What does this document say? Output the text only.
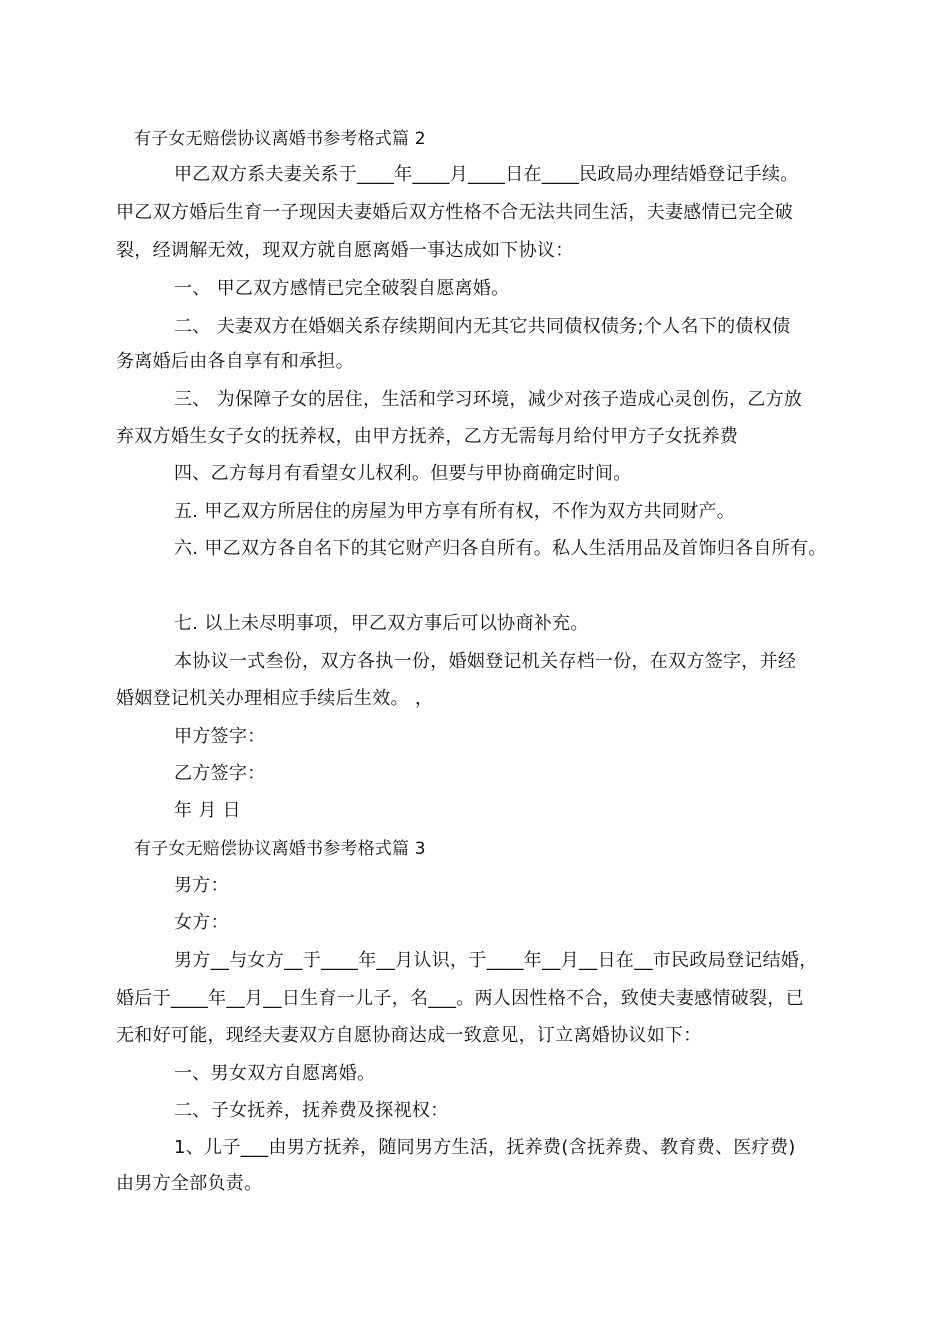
有子女无赔偿协议离婚书参考格式篇 2

甲乙双方系夫妻关系于____年____月____日在____民政局办理结婚登记手续。

甲乙双方婚后生育一子现因夫妻婚后双方性格不合无法共同生活，夫妻感情已完全破

裂，经调解无效，现双方就自愿离婚一事达成如下协议：

一、 甲乙双方感情已完全破裂自愿离婚。

二、 夫妻双方在婚姻关系存续期间内无其它共同债权债务;个人名下的债权债

务离婚后由各自享有和承担。

三、 为保障子女的居住，生活和学习环境，减少对孩子造成心灵创伤，乙方放

弃双方婚生女子女的抚养权，由甲方抚养，乙方无需每月给付甲方子女抚养费

四、乙方每月有看望女儿权利。但要与甲协商确定时间。

五. 甲乙双方所居住的房屋为甲方享有所有权，不作为双方共同财产。

六. 甲乙双方各自名下的其它财产归各自所有。私人生活用品及首饰归各自所有。

七. 以上未尽明事项，甲乙双方事后可以协商补充。

本协议一式叁份，双方各执一份，婚姻登记机关存档一份，在双方签字，并经

婚姻登记机关办理相应手续后生效。 ，

甲方签字：

乙方签字：

年 月 日

有子女无赔偿协议离婚书参考格式篇 3

男方：

女方：

男方__与女方__于____年__月认识，于____年__月__日在__市民政局登记结婚，

婚后于____年__月__日生育一儿子，名___。两人因性格不合，致使夫妻感情破裂，已

无和好可能，现经夫妻双方自愿协商达成一致意见，订立离婚协议如下：

一、男女双方自愿离婚。

二、子女抚养，抚养费及探视权：

1、儿子___由男方抚养，随同男方生活，抚养费(含抚养费、教育费、医疗费)

由男方全部负责。
